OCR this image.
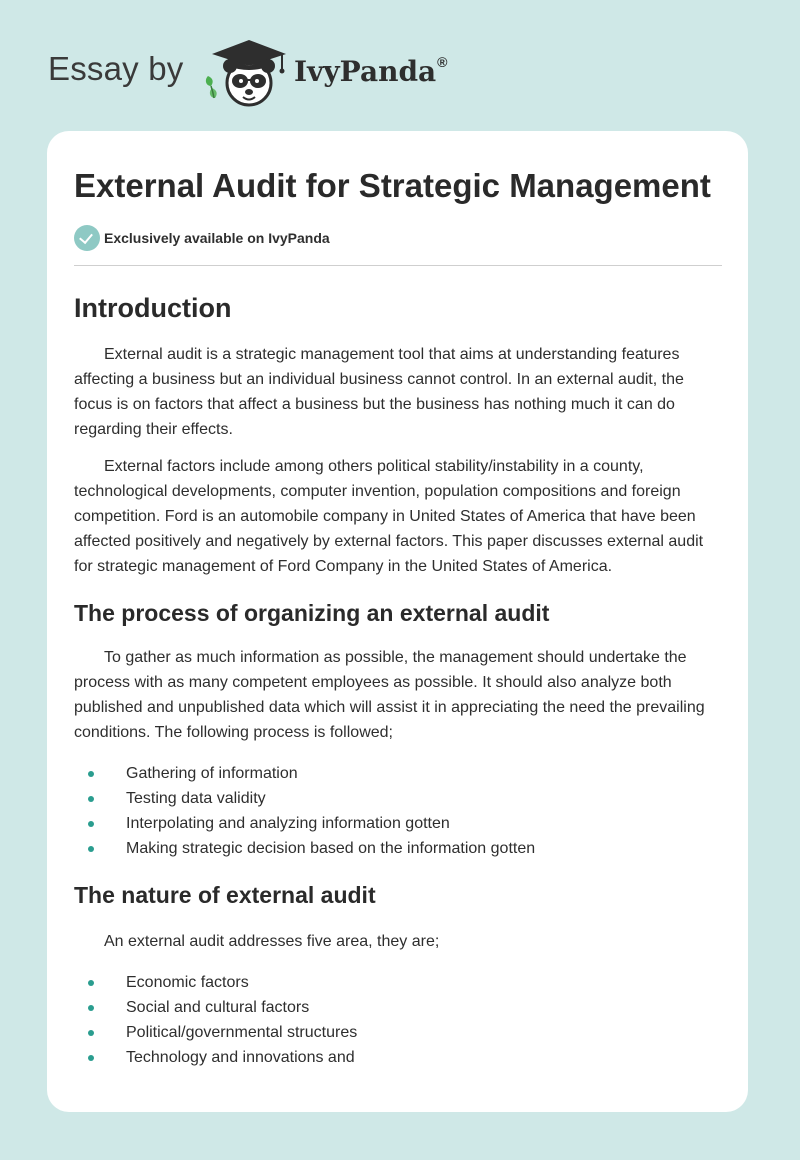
Essay by	IvyPanda®
External Audit for Strategic Management
Exclusively available on IvyPanda
Introduction

External audit is a strategic management tool that aims at understanding features affecting a business but an individual business cannot control. In an external audit, the focus is on factors that affect a business but the business has nothing much it can do regarding their effects.

External factors include among others political stability/instability in a county, technological developments, computer invention, population compositions and foreign competition. Ford is an automobile company in United States of America that have been affected positively and negatively by external factors. This paper discusses external audit for strategic management of Ford Company in the United States of America.

The process of organizing an external audit

To gather as much information as possible, the management should undertake the process with as many competent employees as possible. It should also analyze both published and unpublished data which will assist it in appreciating the need the prevailing conditions. The following process is followed;

Gathering of information
Testing data validity
Interpolating and analyzing information gotten
Making strategic decision based on the information gotten
The nature of external audit

An external audit addresses five area, they are;

Economic factors
Social and cultural factors
Political/governmental structures
Technology and innovations and
